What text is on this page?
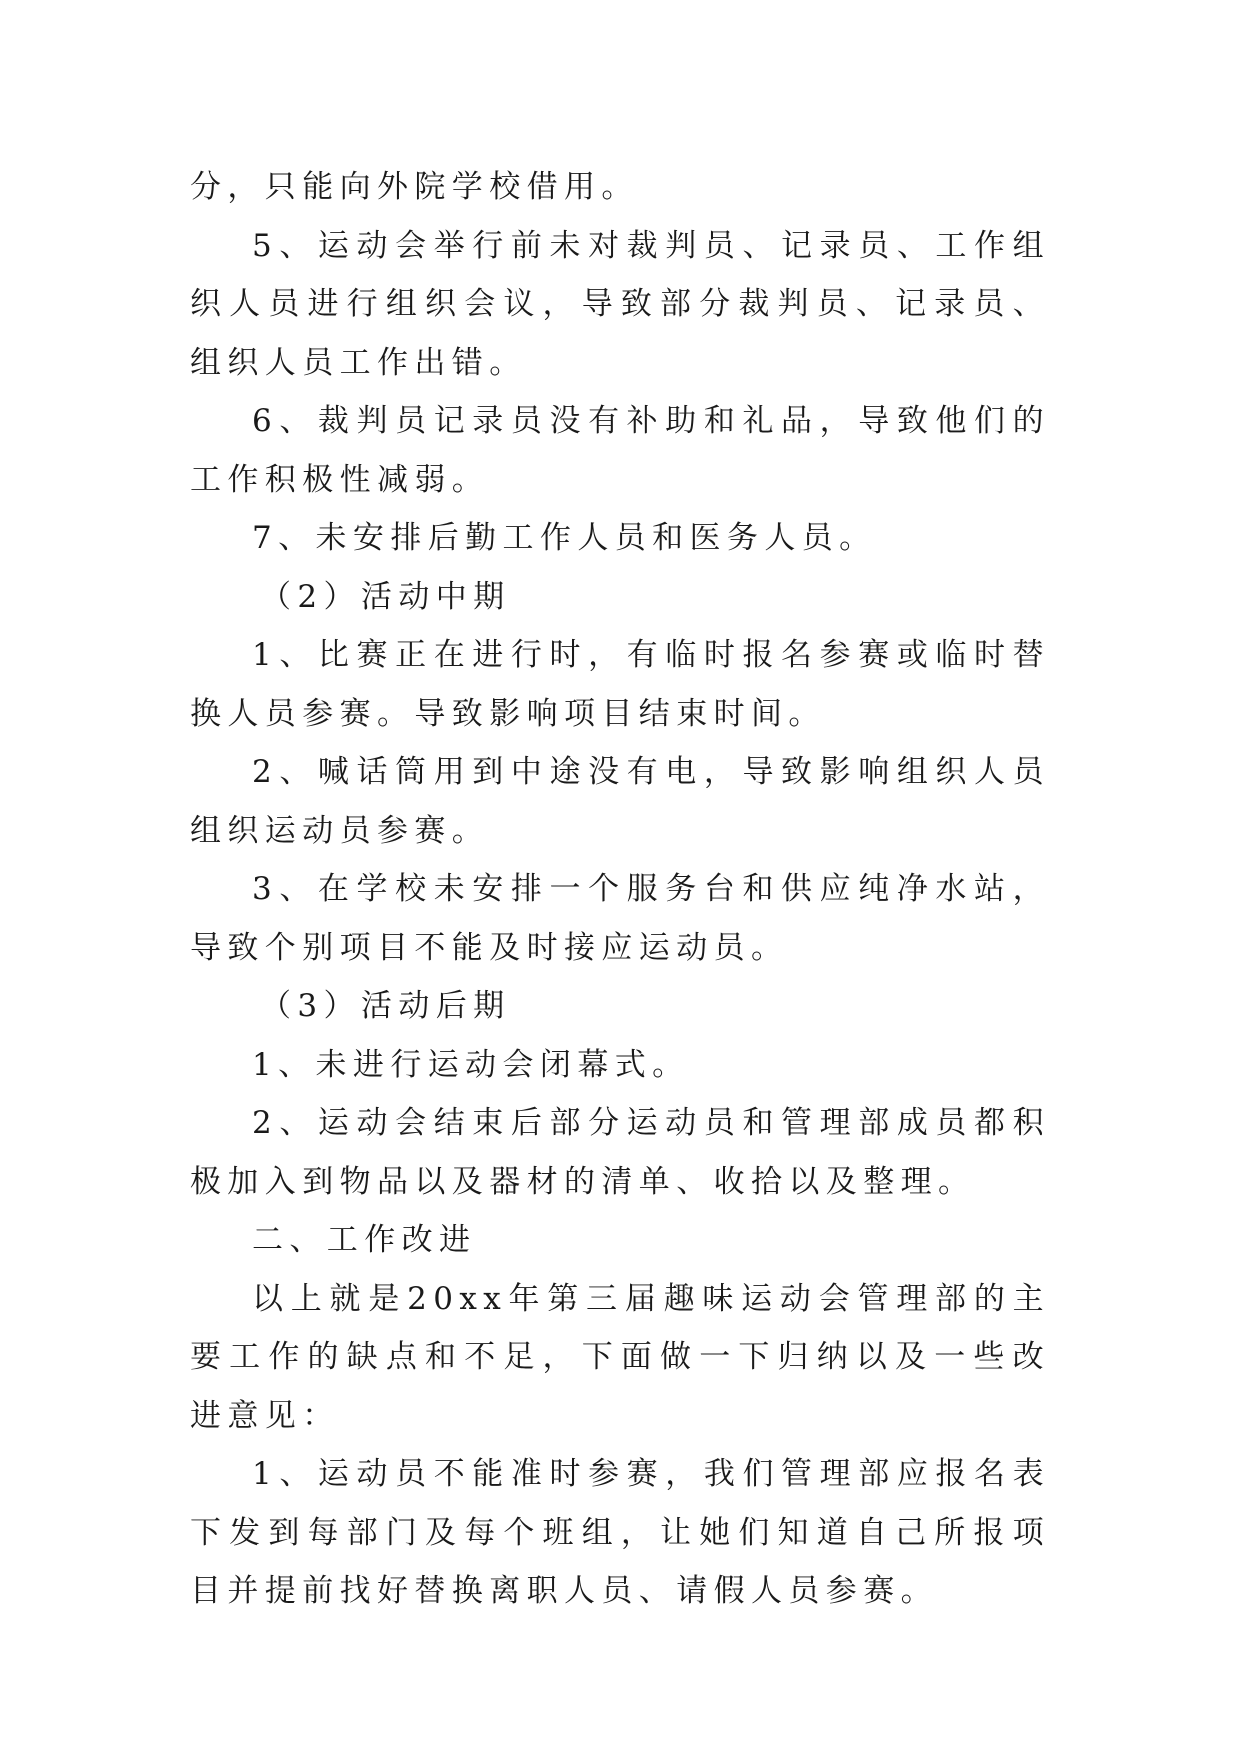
分，只能向外院学校借用。

5、运动会举行前未对裁判员、记录员、工作组织人员进行组织会议，导致部分裁判员、记录员、组织人员工作出错。

6、裁判员记录员没有补助和礼品，导致他们的工作积极性减弱。

7、未安排后勤工作人员和医务人员。

（2）活动中期

1、比赛正在进行时，有临时报名参赛或临时替换人员参赛。导致影响项目结束时间。

2、喊话筒用到中途没有电，导致影响组织人员组织运动员参赛。

3、在学校未安排一个服务台和供应纯净水站，导致个别项目不能及时接应运动员。

（3）活动后期

1、未进行运动会闭幕式。

2、运动会结束后部分运动员和管理部成员都积极加入到物品以及器材的清单、收拾以及整理。

二、工作改进

以上就是20xx年第三届趣味运动会管理部的主要工作的缺点和不足，下面做一下归纳以及一些改进意见：

1、运动员不能准时参赛，我们管理部应报名表下发到每部门及每个班组，让她们知道自己所报项目并提前找好替换离职人员、请假人员参赛。
